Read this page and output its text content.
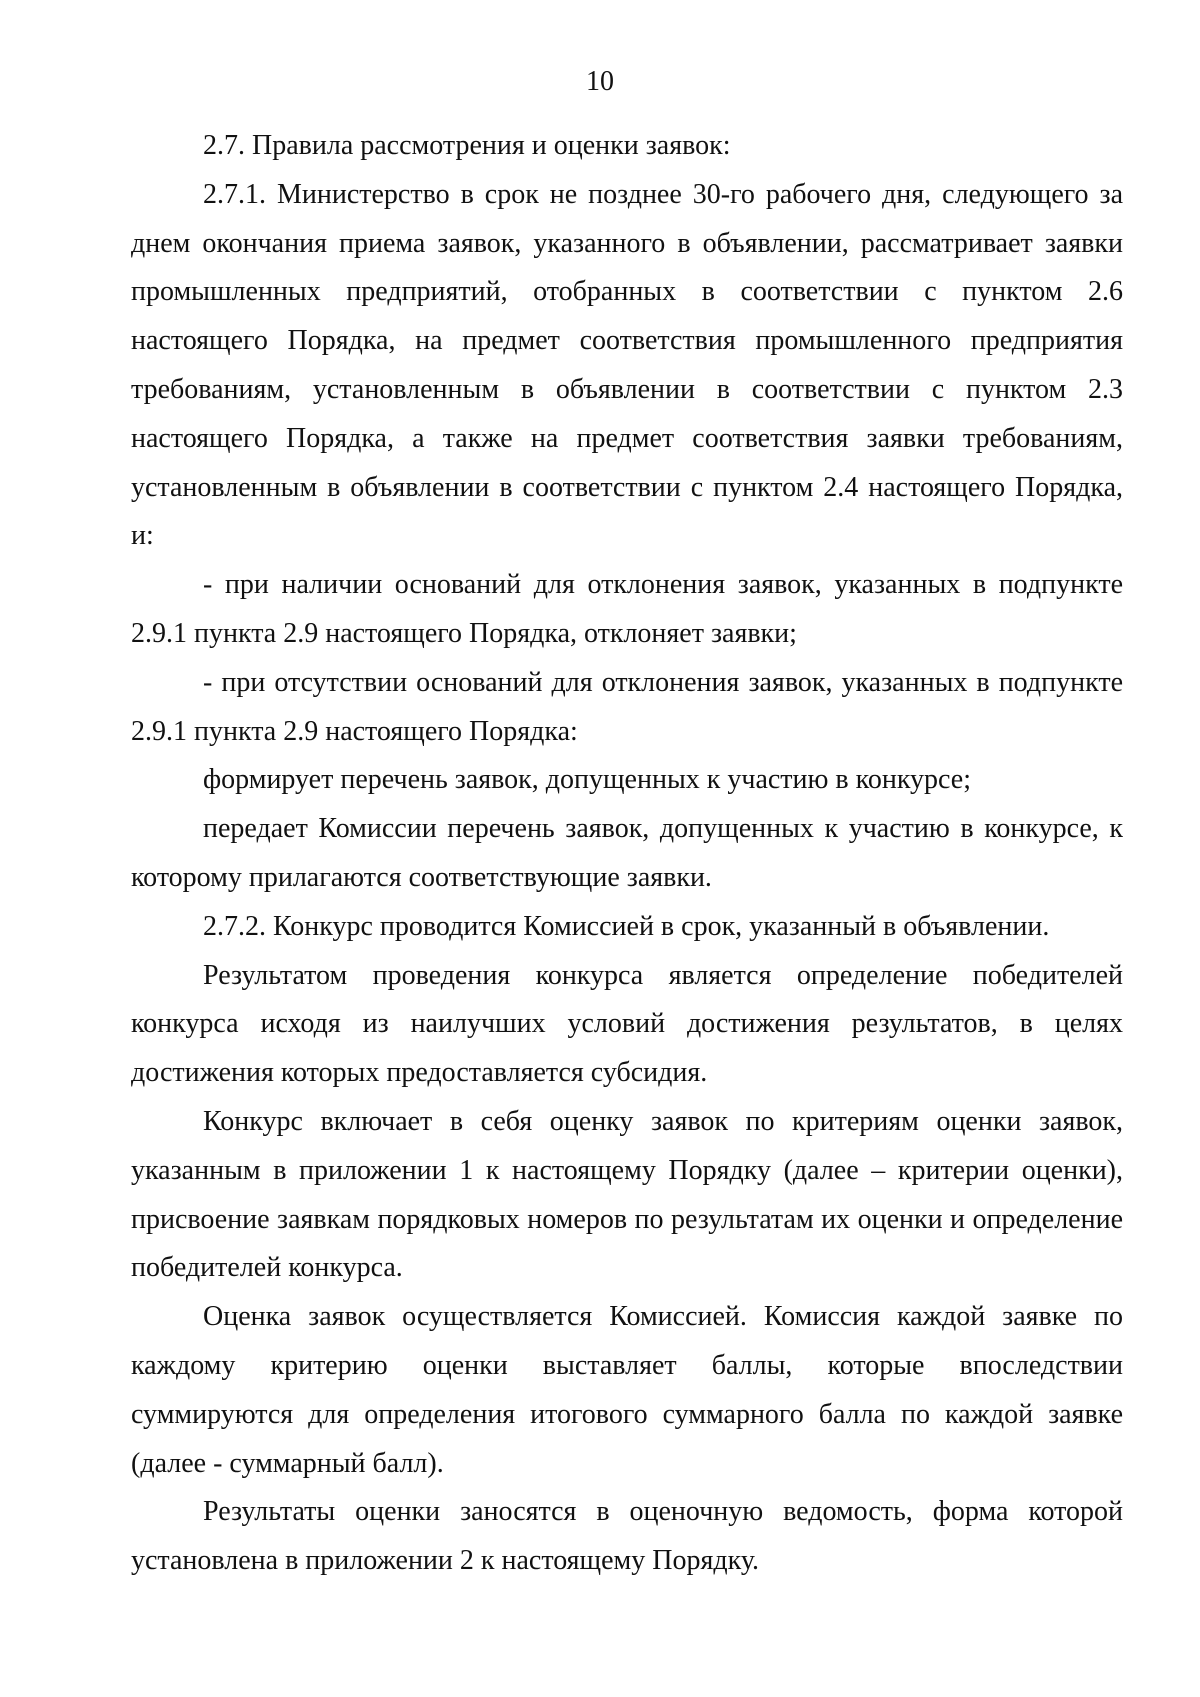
10

2.7. Правила рассмотрения и оценки заявок:

2.7.1. Министерство в срок не позднее 30-го рабочего дня, следующего за днем окончания приема заявок, указанного в объявлении, рассматривает заявки промышленных предприятий, отобранных в соответствии с пунктом 2.6 настоящего Порядка, на предмет соответствия промышленного предприятия требованиям, установленным в объявлении в соответствии с пунктом 2.3 настоящего Порядка, а также на предмет соответствия заявки требованиям, установленным в объявлении в соответствии с пунктом 2.4 настоящего Порядка, и:

- при наличии оснований для отклонения заявок, указанных в подпункте 2.9.1 пункта 2.9 настоящего Порядка, отклоняет заявки;

- при отсутствии оснований для отклонения заявок, указанных в подпункте 2.9.1 пункта 2.9 настоящего Порядка:

формирует перечень заявок, допущенных к участию в конкурсе;

передает Комиссии перечень заявок, допущенных к участию в конкурсе, к которому прилагаются соответствующие заявки.

2.7.2. Конкурс проводится Комиссией в срок, указанный в объявлении.

Результатом проведения конкурса является определение победителей конкурса исходя из наилучших условий достижения результатов, в целях достижения которых предоставляется субсидия.

Конкурс включает в себя оценку заявок по критериям оценки заявок, указанным в приложении 1 к настоящему Порядку (далее – критерии оценки), присвоение заявкам порядковых номеров по результатам их оценки и определение победителей конкурса.

Оценка заявок осуществляется Комиссией. Комиссия каждой заявке по каждому критерию оценки выставляет баллы, которые впоследствии суммируются для определения итогового суммарного балла по каждой заявке (далее - суммарный балл).

Результаты оценки заносятся в оценочную ведомость, форма которой установлена в приложении 2 к настоящему Порядку.
